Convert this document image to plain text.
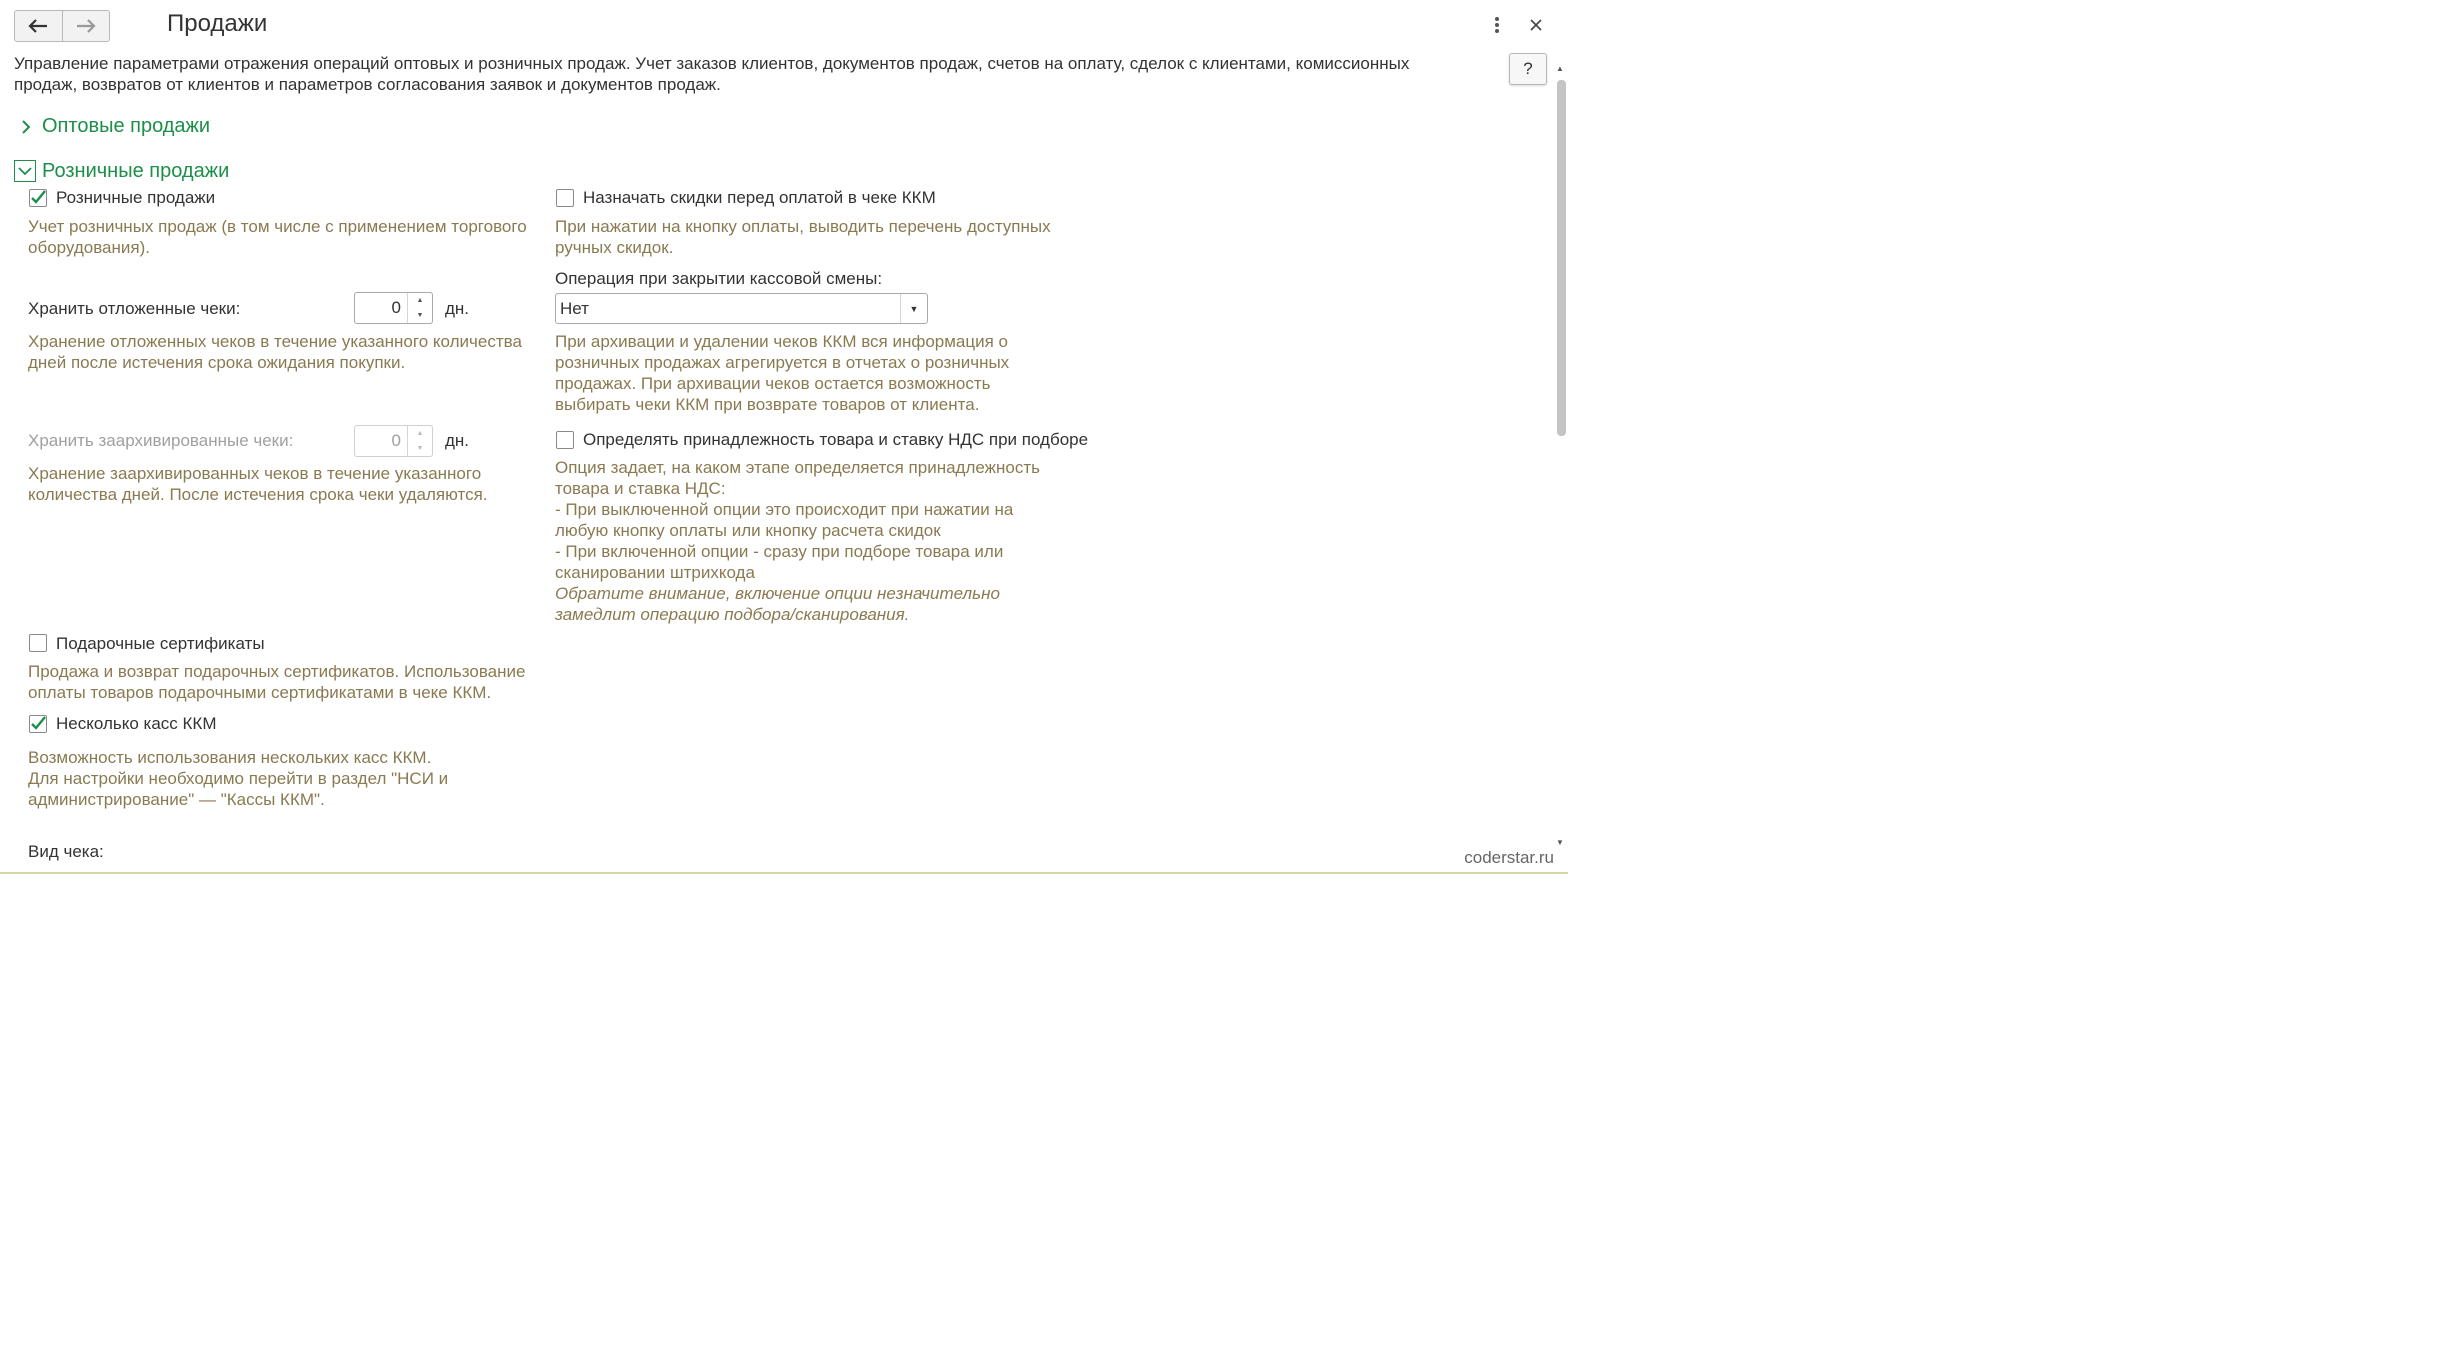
Продажи
Управление параметрами отражения операций оптовых и розничных продаж. Учет заказов клиентов, документов продаж, счетов на оплату, сделок с клиентами, комиссионных продаж, возвратов от клиентов и параметров согласования заявок и документов продаж.
?
Оптовые продажи
Розничные продажи
Розничные продажи
Учет розничных продаж (в том числе с применением торгового оборудования).
Хранить отложенные чеки:	0	▲
▼	дн.
Хранение отложенных чеков в течение указанного количества дней после истечения срока ожидания покупки.
Хранить заархивированные чеки:	0	▲
▼	дн.
Хранение заархивированных чеков в течение указанного количества дней. После истечения срока чеки удаляются.
Подарочные сертификаты
Продажа и возврат подарочных сертификатов. Использование оплаты товаров подарочными сертификатами в чеке ККМ.
Несколько касс ККМ
Возможность использования нескольких касс ККМ.
Для настройки необходимо перейти в раздел "НСИ и администрирование" — "Кассы ККМ".
Вид чека:
Назначать скидки перед оплатой в чеке ККМ
При нажатии на кнопку оплаты, выводить перечень доступных ручных скидок.
Операция при закрытии кассовой смены:
Нет	▼
При архивации и удалении чеков ККМ вся информация о розничных продажах агрегируется в отчетах о розничных продажах. При архивации чеков остается возможность выбирать чеки ККМ при возврате товаров от клиента.
Определять принадлежность товара и ставку НДС при подборе
Опция задает, на каком этапе определяется принадлежность товара и ставка НДС:
- При выключенной опции это происходит при нажатии на любую кнопку оплаты или кнопку расчета скидок
- При включенной опции - сразу при подборе товара или сканировании штрихкода
Обратите внимание, включение опции незначительно замедлит операцию подбора/сканирования.
▲
▼
coderstar.ru
